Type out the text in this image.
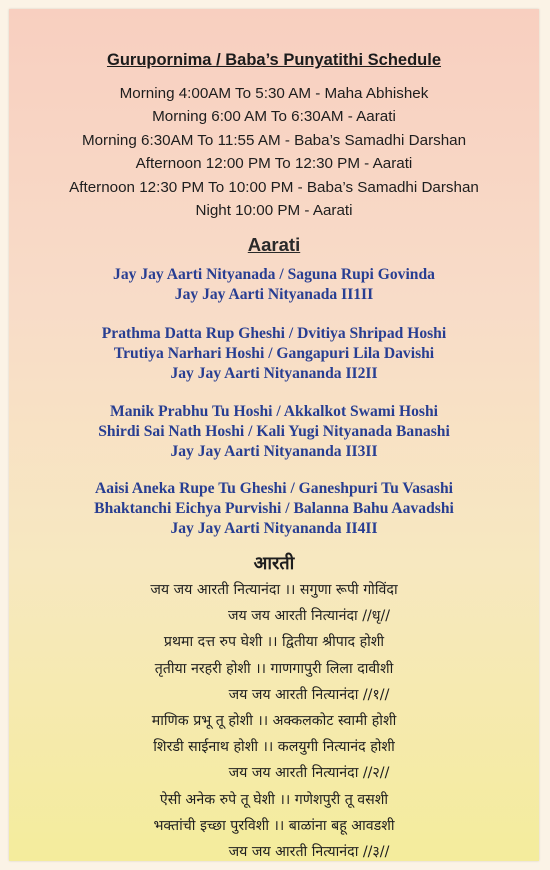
Gurupornima / Baba’s Punyatithi Schedule
Morning 4:00AM To 5:30 AM - Maha Abhishek
Morning 6:00 AM To 6:30AM - Aarati
Morning 6:30AM To 11:55 AM - Baba’s Samadhi Darshan
Afternoon 12:00 PM To 12:30 PM - Aarati
Afternoon 12:30 PM To 10:00 PM - Baba’s Samadhi Darshan
Night 10:00 PM - Aarati
Aarati
Jay Jay Aarti Nityanada / Saguna Rupi Govinda
Jay Jay Aarti Nityanada II1II
Prathma Datta Rup Gheshi / Dvitiya Shripad Hoshi
Trutiya Narhari Hoshi / Gangapuri Lila Davishi
Jay Jay Aarti Nityananda II2II
Manik Prabhu Tu Hoshi / Akkalkot Swami Hoshi
Shirdi Sai Nath Hoshi / Kali Yugi Nityanada Banashi
Jay Jay Aarti Nityananda II3II
Aaisi Aneka Rupe Tu Gheshi / Ganeshpuri Tu Vasashi
Bhaktanchi Eichya Purvishi / Balanna Bahu Aavadshi
Jay Jay Aarti Nityananda II4II
आरती
जय जय आरती नित्यानंदा ।। सगुणा रूपी गोविंदा
जय जय आरती नित्यानंदा //धृ//
प्रथमा दत्त रुप घेशी ।। द्वितीया श्रीपाद होशी
तृतीया नरहरी होशी ।। गाणगापुरी लिला दावीशी
जय जय आरती नित्यानंदा //१//
माणिक प्रभू तू होशी ।। अक्कलकोट स्वामी होशी
शिरडी साईनाथ होशी ।। कलयुगी नित्यानंद होशी
जय जय आरती नित्यानंदा //२//
ऐसी अनेक रुपे तू घेशी ।। गणेशपुरी तू वसशी
भक्तांची इच्छा पुरविशी ।। बाळांना बहू आवडशी
जय जय आरती नित्यानंदा //३//
